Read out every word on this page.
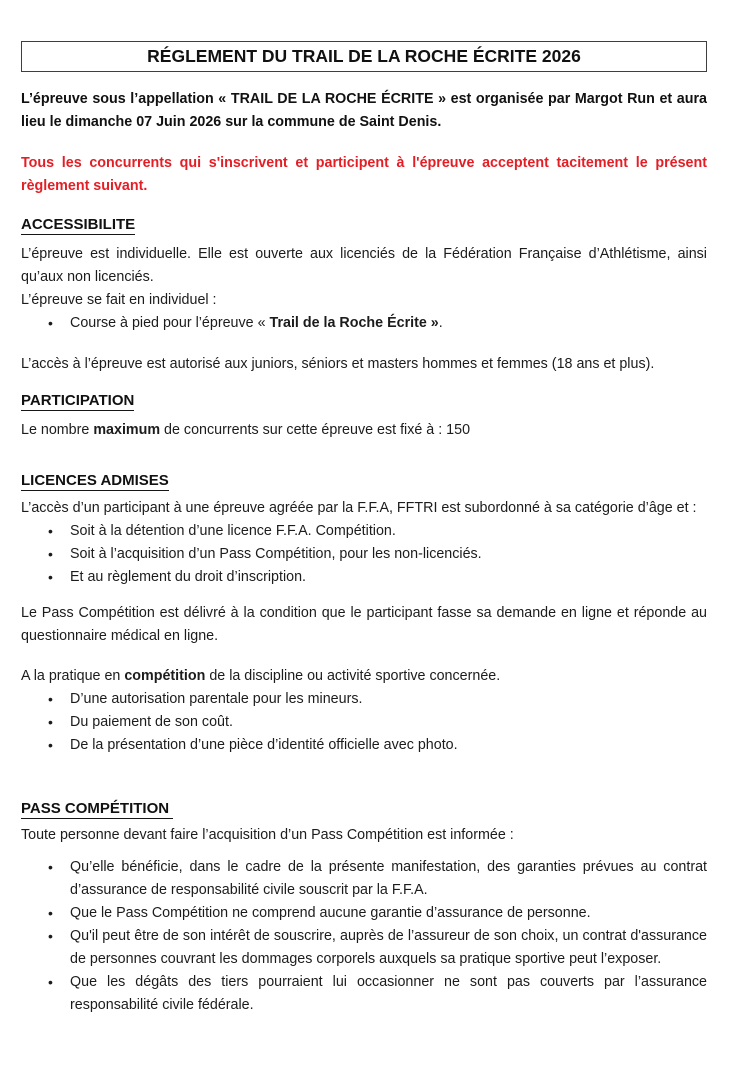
RÉGLEMENT DU TRAIL DE LA ROCHE ÉCRITE 2026

L’épreuve sous l’appellation « TRAIL DE LA ROCHE ÉCRITE » est organisée par Margot Run et aura lieu le dimanche 07 Juin 2026 sur la commune de Saint Denis.

Tous les concurrents qui s'inscrivent et participent à l'épreuve acceptent tacitement le présent règlement suivant.

ACCESSIBILITE

L’épreuve est individuelle. Elle est ouverte aux licenciés de la Fédération Française d’Athlétisme, ainsi qu’aux non licenciés.

L’épreuve se fait en individuel :

• Course à pied pour l’épreuve « Trail de la Roche Écrite ».

L’accès à l’épreuve est autorisé aux juniors, séniors et masters hommes et femmes (18 ans et plus).

PARTICIPATION

Le nombre maximum de concurrents sur cette épreuve est fixé à : 150

LICENCES ADMISES

L’accès d’un participant à une épreuve agréée par la F.F.A, FFTRI est subordonné à sa catégorie d’âge et :

• Soit à la détention d’une licence F.F.A. Compétition.
• Soit à l’acquisition d’un Pass Compétition, pour les non-licenciés.
• Et au règlement du droit d’inscription.

Le Pass Compétition est délivré à la condition que le participant fasse sa demande en ligne et réponde au questionnaire médical en ligne.

A la pratique en compétition de la discipline ou activité sportive concernée.

• D’une autorisation parentale pour les mineurs.
• Du paiement de son coût.
• De la présentation d’une pièce d’identité officielle avec photo.
PASS COMPÉTITION

Toute personne devant faire l’acquisition d’un Pass Compétition est informée :

• Qu’elle bénéficie, dans le cadre de la présente manifestation, des garanties prévues au contrat d’assurance de responsabilité civile souscrit par la F.F.A.
• Que le Pass Compétition ne comprend aucune garantie d’assurance de personne.
• Qu'il peut être de son intérêt de souscrire, auprès de l’assureur de son choix, un contrat d'assurance de personnes couvrant les dommages corporels auxquels sa pratique sportive peut l’exposer.
• Que les dégâts des tiers pourraient lui occasionner ne sont pas couverts par l’assurance responsabilité civile fédérale.
